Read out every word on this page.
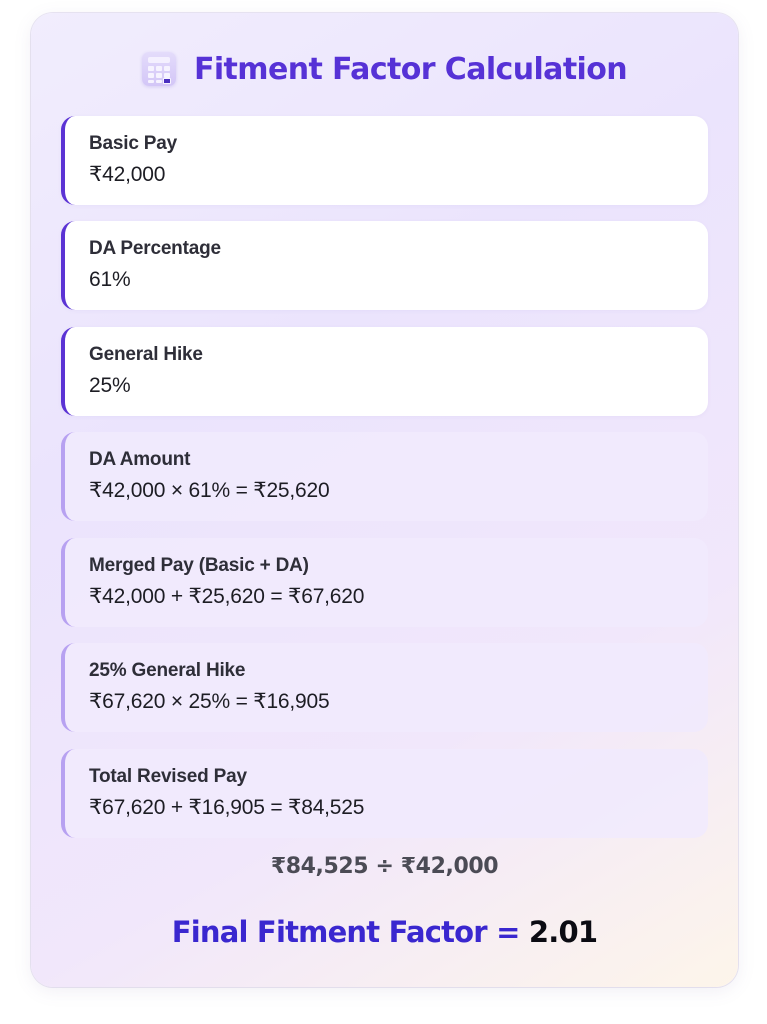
Fitment Factor Calculation
Basic Pay
₹42,000
DA Percentage
61%
General Hike
25%
DA Amount
₹42,000 × 61% = ₹25,620
Merged Pay (Basic + DA)
₹42,000 + ₹25,620 = ₹67,620
25% General Hike
₹67,620 × 25% = ₹16,905
Total Revised Pay
₹67,620 + ₹16,905 = ₹84,525
₹84,525 ÷ ₹42,000
Final Fitment Factor = 2.01
